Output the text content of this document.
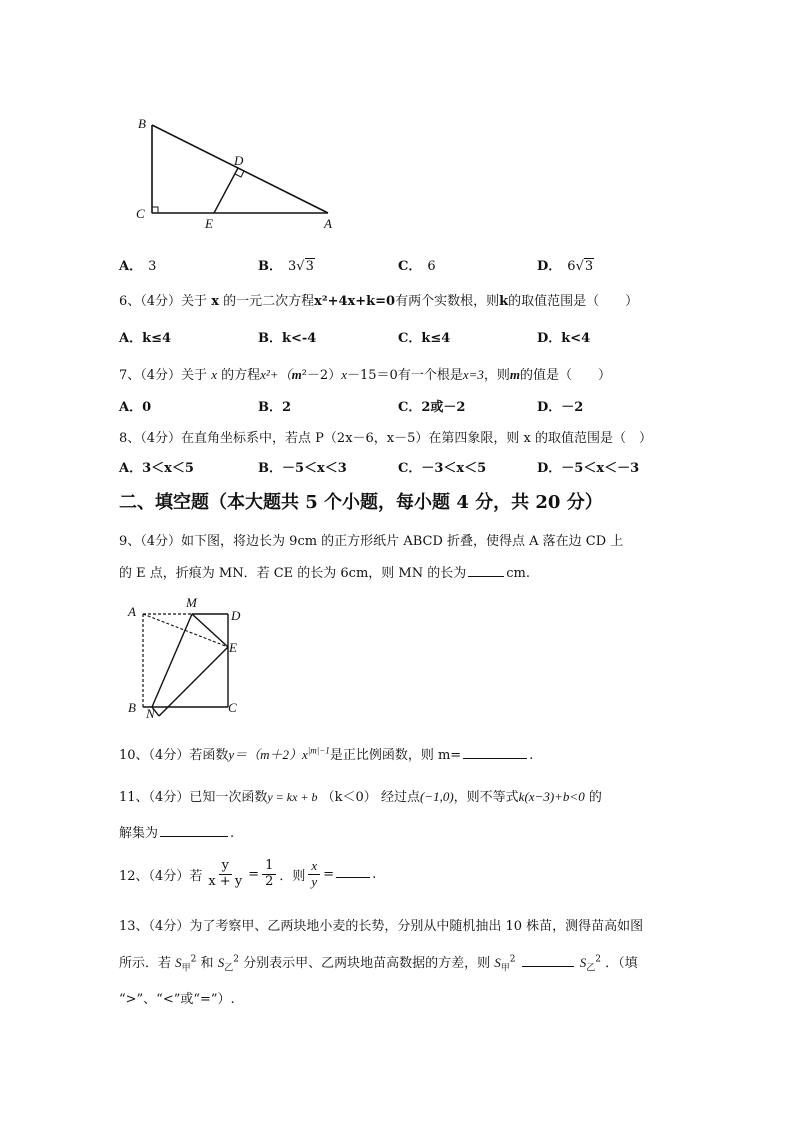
B
D
C
E	A
A． 3	B． 3√3	C． 6	D． 6√3
6、（4分）关于 x 的一元二次方程x²+4x+k=0有两个实数根，则k的取值范围是（　　）
A．k≤4	B．k<-4	C．k≤4	D．k<4
7、（4分）关于 x 的方程x²+（m²－2）x－15＝0有一个根是x=3，则m的值是（　　）
A．0	B．2	C．2或－2	D．－2
8、（4分）在直角坐标系中，若点 P（2x－6，x－5）在第四象限，则 x 的取值范围是（　）
A．3＜x＜5	B．－5＜x＜3	C．－3＜x＜5	D．－5＜x＜－3
二、填空题（本大题共 5 个小题，每小题 4 分，共 20 分）
9、（4分）如下图，将边长为 9cm 的正方形纸片 ABCD 折叠，使得点 A 落在边 CD 上
的 E 点，折痕为 MN．若 CE 的长为 6cm，则 MN 的长为	cm.
A
M
D
E
B N	C
10、（4分）若函数$y=(m+2)x^{|m|-1}$是正比例函数，则 m=	.
11、（4分）已知一次函数y = kx + b （k＜0） 经过点(−1,0)，则不等式k(x−3)+b<0 的
解集为	.
12、（4分）若 $\frac{y}{x + y} = \frac{1}{2}$ ．则 $\frac{x}{y}$ =	.
13、（4分）为了考察甲、乙两块地小麦的长势，分别从中随机抽出 10 株苗，测得苗高如图
所示．若 $S_甲^2$ 和 $S_乙^2$ 分别表示甲、乙两块地苗高数据的方差，则 $S_甲^2$	$S_乙^2$ ．（填
“>”、“<”或“=”）.
